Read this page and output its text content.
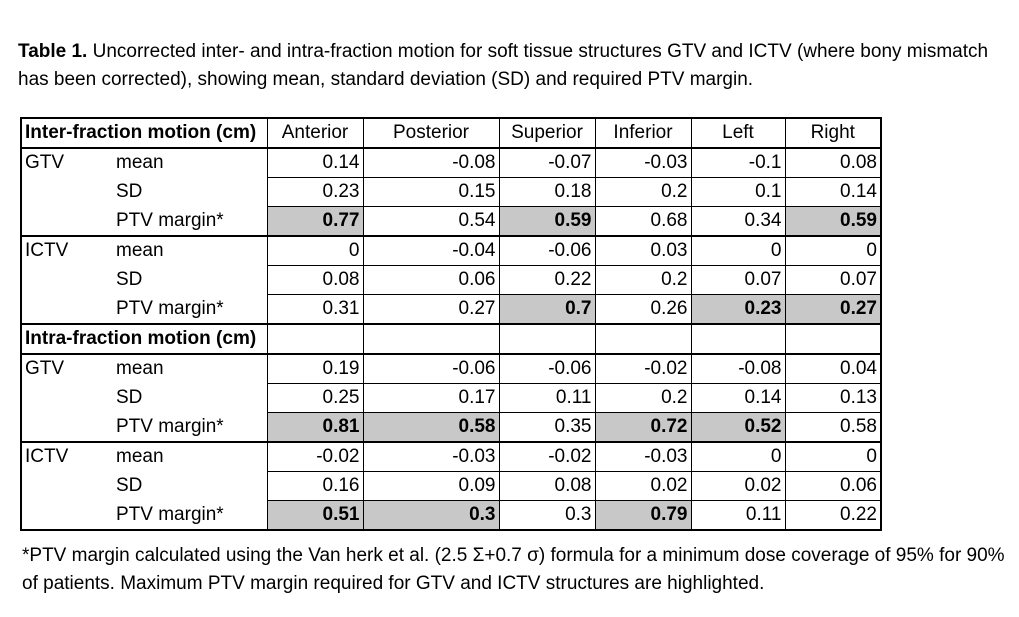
Table 1. Uncorrected inter- and intra-fraction motion for soft tissue structures GTV and ICTV (where bony mismatch has been corrected), showing mean, standard deviation (SD) and required PTV margin.

Inter-fraction motion (cm)		Anterior	Posterior	Superior	Inferior	Left	Right
GTV	mean	0.14	-0.08	-0.07	-0.03	-0.1	0.08
	SD	0.23	0.15	0.18	0.2	0.1	0.14
	PTV margin*	0.77	0.54	0.59	0.68	0.34	0.59
ICTV	mean	0	-0.04	-0.06	0.03	0	0
	SD	0.08	0.06	0.22	0.2	0.07	0.07
	PTV margin*	0.31	0.27	0.7	0.26	0.23	0.27
Intra-fraction motion (cm)							
GTV	mean	0.19	-0.06	-0.06	-0.02	-0.08	0.04
	SD	0.25	0.17	0.11	0.2	0.14	0.13
	PTV margin*	0.81	0.58	0.35	0.72	0.52	0.58
ICTV	mean	-0.02	-0.03	-0.02	-0.03	0	0
	SD	0.16	0.09	0.08	0.02	0.02	0.06
	PTV margin*	0.51	0.3	0.3	0.79	0.11	0.22

*PTV margin calculated using the Van herk et al. (2.5 Σ+0.7 σ) formula for a minimum dose coverage of 95% for 90% of patients. Maximum PTV margin required for GTV and ICTV structures are highlighted.
